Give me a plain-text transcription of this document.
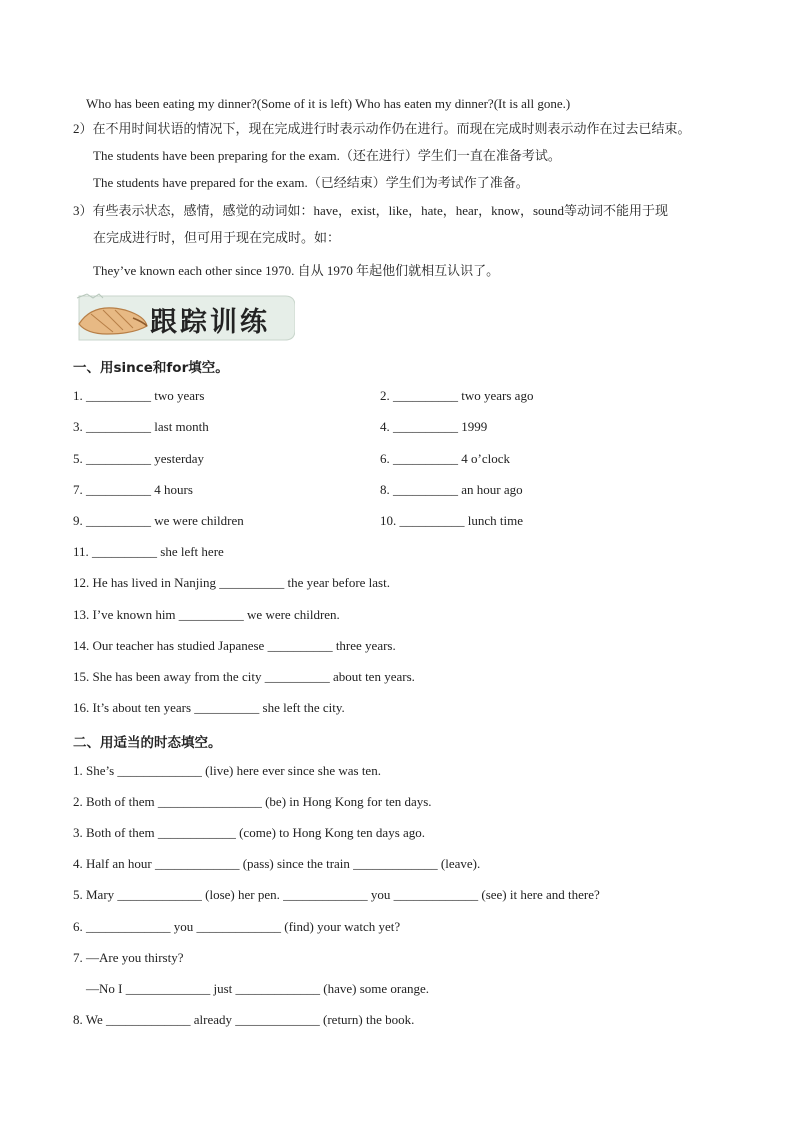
Who has been eating my dinner?(Some of it is left) Who has eaten my dinner?(It is all gone.)
2）在不用时间状语的情况下，现在完成进行时表示动作仍在进行。而现在完成时则表示动作在过去已结束。
The students have been preparing for the exam.（还在进行）学生们一直在准备考试。
The students have prepared for the exam.（已经结束）学生们为考试作了准备。
3）有些表示状态，感情，感觉的动词如：have，exist，like，hate，hear，know，sound等动词不能用于现
在完成进行时，但可用于现在完成时。如：
They’ve known each other since 1970. 自从 1970 年起他们就相互认识了。
跟踪训练
一、用since和for填空。
1. __________ two years	2. __________ two years ago
3. __________ last month	4. __________ 1999
5. __________ yesterday	6. __________ 4 o’clock
7. __________ 4 hours	8. __________ an hour ago
9. __________ we were children	10. __________ lunch time
11. __________ she left here
12. He has lived in Nanjing __________ the year before last.
13. I’ve known him __________ we were children.
14. Our teacher has studied Japanese __________ three years.
15. She has been away from the city __________ about ten years.
16. It’s about ten years __________ she left the city.
二、用适当的时态填空。
1. She’s _____________ (live) here ever since she was ten.
2. Both of them ________________ (be) in Hong Kong for ten days.
3. Both of them ____________ (come) to Hong Kong ten days ago.
4. Half an hour _____________ (pass) since the train _____________ (leave).
5. Mary _____________ (lose) her pen. _____________ you _____________ (see) it here and there?
6. _____________ you _____________ (find) your watch yet?
7. —Are you thirsty?
—No I _____________ just _____________ (have) some orange.
8. We _____________ already _____________ (return) the book.
